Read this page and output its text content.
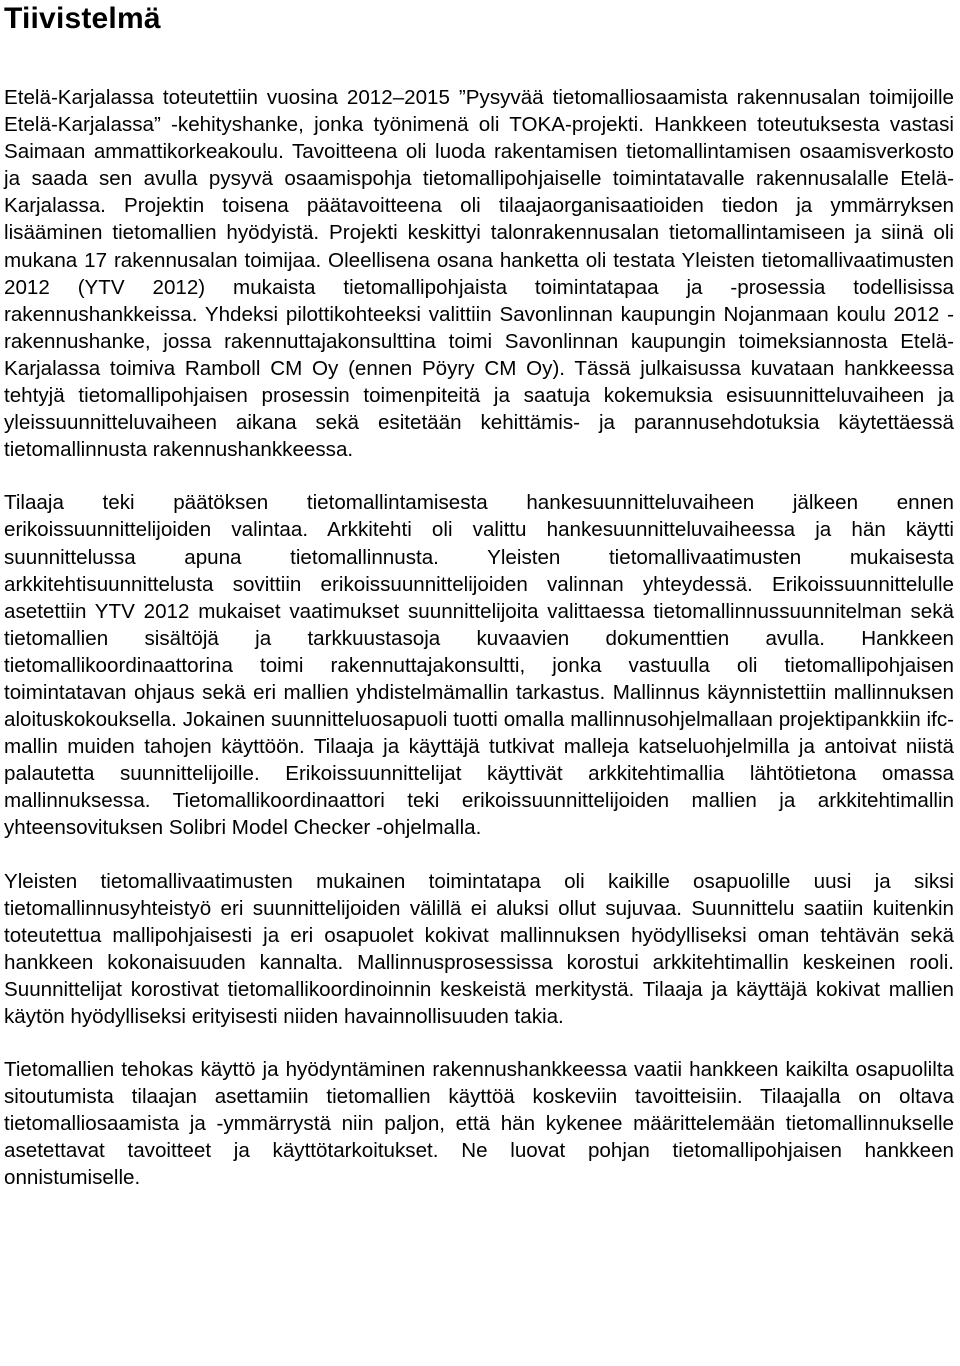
Tiivistelmä

Etelä-Karjalassa toteutettiin vuosina 2012–2015 ”Pysyvää tietomalliosaamista rakennusalan toimijoille Etelä-Karjalassa” -kehityshanke, jonka työnimenä oli TOKA-projekti. Hankkeen toteutuksesta vastasi Saimaan ammattikorkeakoulu. Tavoitteena oli luoda rakentamisen tietomallintamisen osaamisverkosto ja saada sen avulla pysyvä osaamispohja tietomallipohjaiselle toimintatavalle rakennusalalle Etelä-Karjalassa. Projektin toisena päätavoitteena oli tilaajaorganisaatioiden tiedon ja ymmärryksen lisääminen tietomallien hyödyistä. Projekti keskittyi talonrakennusalan tietomallintamiseen ja siinä oli mukana 17 rakennusalan toimijaa. Oleellisena osana hanketta oli testata Yleisten tietomallivaatimusten 2012 (YTV 2012) mukaista tietomallipohjaista toimintatapaa ja -prosessia todellisissa rakennushankkeissa. Yhdeksi pilottikohteeksi valittiin Savonlinnan kaupungin Nojanmaan koulu 2012 -rakennushanke, jossa rakennuttajakonsulttina toimi Savonlinnan kaupungin toimeksiannosta Etelä-Karjalassa toimiva Ramboll CM Oy (ennen Pöyry CM Oy). Tässä julkaisussa kuvataan hankkeessa tehtyjä tietomallipohjaisen prosessin toimenpiteitä ja saatuja kokemuksia esisuunnitteluvaiheen ja yleissuunnitteluvaiheen aikana sekä esitetään kehittämis- ja parannusehdotuksia käytettäessä tietomallinnusta rakennushankkeessa.

Tilaaja teki päätöksen tietomallintamisesta hankesuunnitteluvaiheen jälkeen ennen erikoissuunnittelijoiden valintaa. Arkkitehti oli valittu hankesuunnitteluvaiheessa ja hän käytti suunnittelussa apuna tietomallinnusta. Yleisten tietomallivaatimusten mukaisesta arkkitehtisuunnittelusta sovittiin erikoissuunnittelijoiden valinnan yhteydessä. Erikoissuunnittelulle asetettiin YTV 2012 mukaiset vaatimukset suunnittelijoita valittaessa tietomallinnussuunnitelman sekä tietomallien sisältöjä ja tarkkuustasoja kuvaavien dokumenttien avulla. Hankkeen tietomallikoordinaattorina toimi rakennuttajakonsultti, jonka vastuulla oli tietomallipohjaisen toimintatavan ohjaus sekä eri mallien yhdistelmämallin tarkastus. Mallinnus käynnistettiin mallinnuksen aloituskokouksella. Jokainen suunnitteluosapuoli tuotti omalla mallinnusohjelmallaan projektipankkiin ifc-mallin muiden tahojen käyttöön. Tilaaja ja käyttäjä tutkivat malleja katseluohjelmilla ja antoivat niistä palautetta suunnittelijoille. Erikoissuunnittelijat käyttivät arkkitehtimallia lähtötietona omassa mallinnuksessa. Tietomallikoordinaattori teki erikoissuunnittelijoiden mallien ja arkkitehtimallin yhteensovituksen Solibri Model Checker -ohjelmalla.

Yleisten tietomallivaatimusten mukainen toimintatapa oli kaikille osapuolille uusi ja siksi tietomallinnusyhteistyö eri suunnittelijoiden välillä ei aluksi ollut sujuvaa. Suunnittelu saatiin kuitenkin toteutettua mallipohjaisesti ja eri osapuolet kokivat mallinnuksen hyödylliseksi oman tehtävän sekä hankkeen kokonaisuuden kannalta. Mallinnusprosessissa korostui arkkitehtimallin keskeinen rooli. Suunnittelijat korostivat tietomallikoordinoinnin keskeistä merkitystä. Tilaaja ja käyttäjä kokivat mallien käytön hyödylliseksi erityisesti niiden havainnollisuuden takia.

Tietomallien tehokas käyttö ja hyödyntäminen rakennushankkeessa vaatii hankkeen kaikilta osapuolilta sitoutumista tilaajan asettamiin tietomallien käyttöä koskeviin tavoitteisiin. Tilaajalla on oltava tietomalliosaamista ja -ymmärrystä niin paljon, että hän kykenee määrittelemään tietomallinnukselle asetettavat tavoitteet ja käyttötarkoitukset. Ne luovat pohjan tietomallipohjaisen hankkeen onnistumiselle.
